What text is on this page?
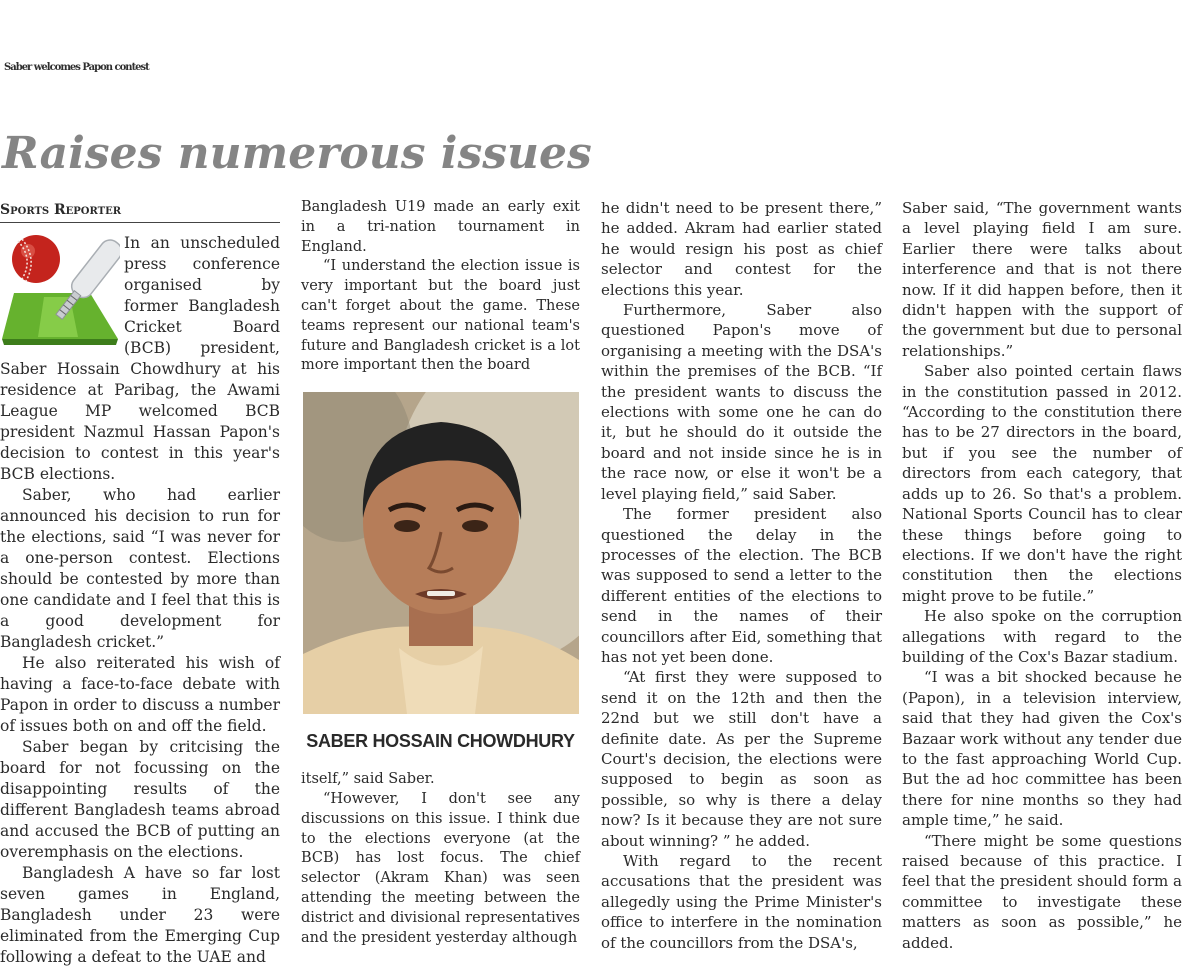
Saber welcomes Papon contest
Raises numerous issues
Sports Reporter

In an unscheduled press conference organised by former Bangladesh Cricket Board (BCB) president, Saber Hossain Chowdhury at his residence at Paribag, the Awami League MP welcomed BCB president Nazmul Hassan Papon's decision to contest in this year's BCB elections.

Saber, who had earlier announced his decision to run for the elections, said “I was never for a one-person contest. Elections should be contested by more than one candidate and I feel that this is a good development for Bangladesh cricket.”

He also reiterated his wish of having a face-to-face debate with Papon in order to discuss a number of issues both on and off the field.

Saber began by critcising the board for not focussing on the disappointing results of the different Bangladesh teams abroad and accused the BCB of putting an overemphasis on the elections.

Bangladesh A have so far lost seven games in England, Bangladesh under 23 were eliminated from the Emerging Cup following a defeat to the UAE and

Bangladesh U19 made an early exit in a tri-nation tournament in England.

“I understand the election issue is very important but the board just can't forget about the game. These teams represent our national team's future and Bangladesh cricket is a lot more important then the board

SABER HOSSAIN CHOWDHURY

itself,” said Saber.

“However, I don't see any discussions on this issue. I think due to the elections everyone (at the BCB) has lost focus. The chief selector (Akram Khan) was seen attending the meeting between the district and divisional representatives and the president yesterday although

he didn't need to be present there,” he added. Akram had earlier stated he would resign his post as chief selector and contest for the elections this year.

Furthermore, Saber also questioned Papon's move of organising a meeting with the DSA's within the premises of the BCB. “If the president wants to discuss the elections with some one he can do it, but he should do it outside the board and not inside since he is in the race now, or else it won't be a level playing field,” said Saber.

The former president also questioned the delay in the processes of the election. The BCB was supposed to send a letter to the different entities of the elections to send in the names of their councillors after Eid, something that has not yet been done.

“At first they were supposed to send it on the 12th and then the 22nd but we still don't have a definite date. As per the Supreme Court's decision, the elections were supposed to begin as soon as possible, so why is there a delay now? Is it because they are not sure about winning? ” he added.

With regard to the recent accusations that the president was allegedly using the Prime Minister's office to interfere in the nomination of the councillors from the DSA's,

Saber said, “The government wants a level playing field I am sure. Earlier there were talks about interference and that is not there now. If it did happen before, then it didn't happen with the support of the government but due to personal relationships.”

Saber also pointed certain flaws in the constitution passed in 2012. “According to the constitution there has to be 27 directors in the board, but if you see the number of directors from each category, that adds up to 26. So that's a problem. National Sports Council has to clear these things before going to elections. If we don't have the right constitution then the elections might prove to be futile.”

He also spoke on the corruption allegations with regard to the building of the Cox's Bazar stadium.

“I was a bit shocked because he (Papon), in a television interview, said that they had given the Cox's Bazaar work without any tender due to the fast approaching World Cup. But the ad hoc committee has been there for nine months so they had ample time,” he said.

“There might be some questions raised because of this practice. I feel that the president should form a committee to investigate these matters as soon as possible,” he added.
